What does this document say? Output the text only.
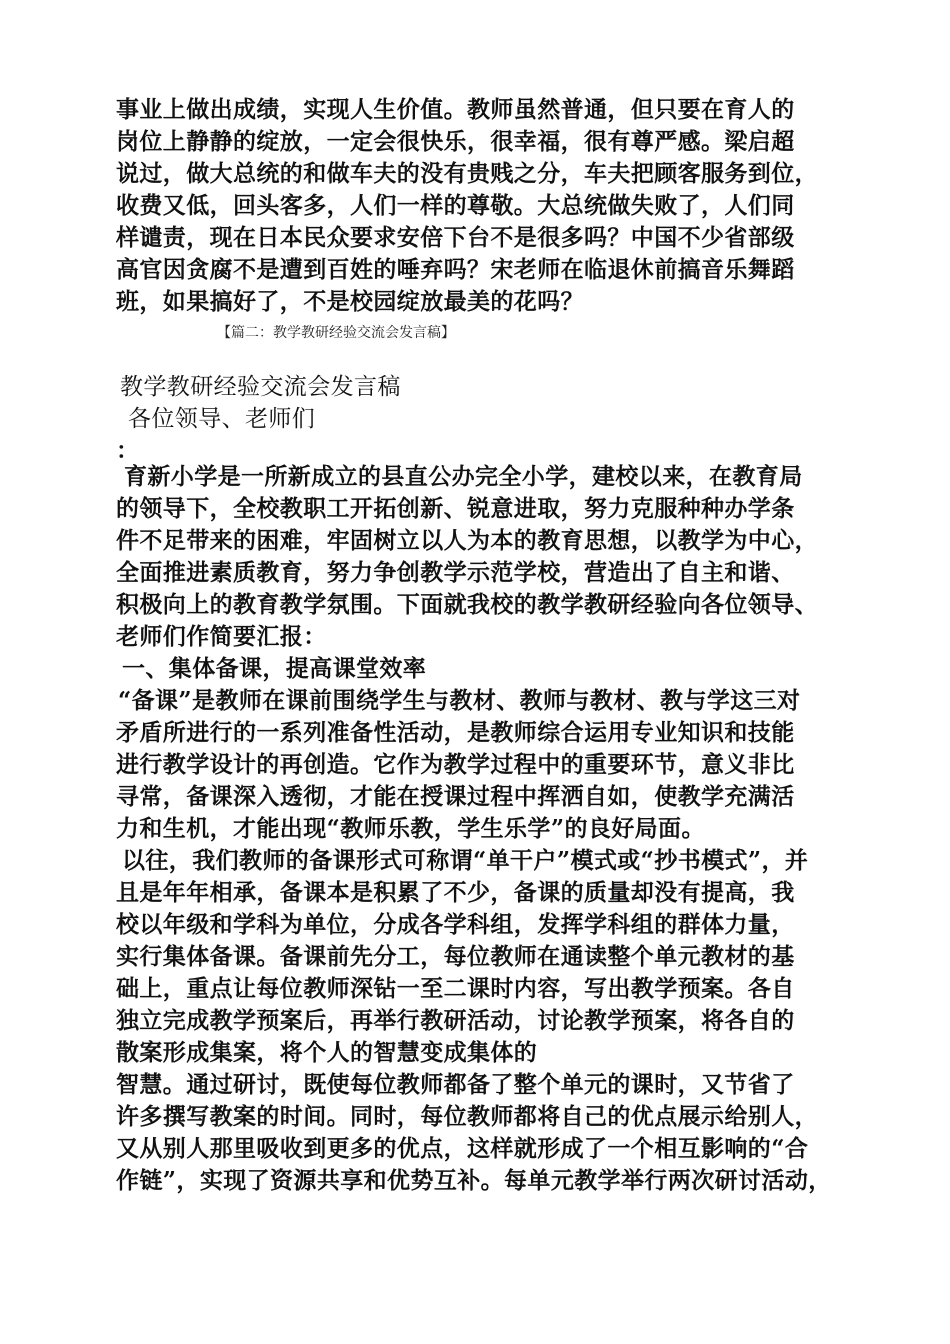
事业上做出成绩，实现人生价值。教师虽然普通，但只要在育人的
岗位上静静的绽放，一定会很快乐，很幸福，很有尊严感。梁启超
说过，做大总统的和做车夫的没有贵贱之分，车夫把顾客服务到位，
收费又低，回头客多，人们一样的尊敬。大总统做失败了，人们同
样谴责，现在日本民众要求安倍下台不是很多吗？中国不少省部级
高官因贪腐不是遭到百姓的唾弃吗？宋老师在临退休前搞音乐舞蹈
班，如果搞好了，不是校园绽放最美的花吗？
【篇二：教学教研经验交流会发言稿】
教学教研经验交流会发言稿
各位领导、老师们
：
育新小学是一所新成立的县直公办完全小学，建校以来，在教育局
的领导下，全校教职工开拓创新、锐意进取，努力克服种种办学条
件不足带来的困难，牢固树立以人为本的教育思想，以教学为中心，
全面推进素质教育，努力争创教学示范学校，营造出了自主和谐、
积极向上的教育教学氛围。下面就我校的教学教研经验向各位领导、
老师们作简要汇报：
一、集体备课，提高课堂效率
“备课”是教师在课前围绕学生与教材、教师与教材、教与学这三对
矛盾所进行的一系列准备性活动，是教师综合运用专业知识和技能
进行教学设计的再创造。它作为教学过程中的重要环节，意义非比
寻常，备课深入透彻，才能在授课过程中挥洒自如，使教学充满活
力和生机，才能出现“教师乐教，学生乐学”的良好局面。
以往，我们教师的备课形式可称谓“单干户”模式或“抄书模式”，并
且是年年相承，备课本是积累了不少，备课的质量却没有提高，我
校以年级和学科为单位，分成各学科组，发挥学科组的群体力量，
实行集体备课。备课前先分工，每位教师在通读整个单元教材的基
础上，重点让每位教师深钻一至二课时内容，写出教学预案。各自
独立完成教学预案后，再举行教研活动，讨论教学预案，将各自的
散案形成集案，将个人的智慧变成集体的
智慧。通过研讨，既使每位教师都备了整个单元的课时，又节省了
许多撰写教案的时间。同时，每位教师都将自己的优点展示给别人，
又从别人那里吸收到更多的优点，这样就形成了一个相互影响的“合
作链”，实现了资源共享和优势互补。每单元教学举行两次研讨活动，
